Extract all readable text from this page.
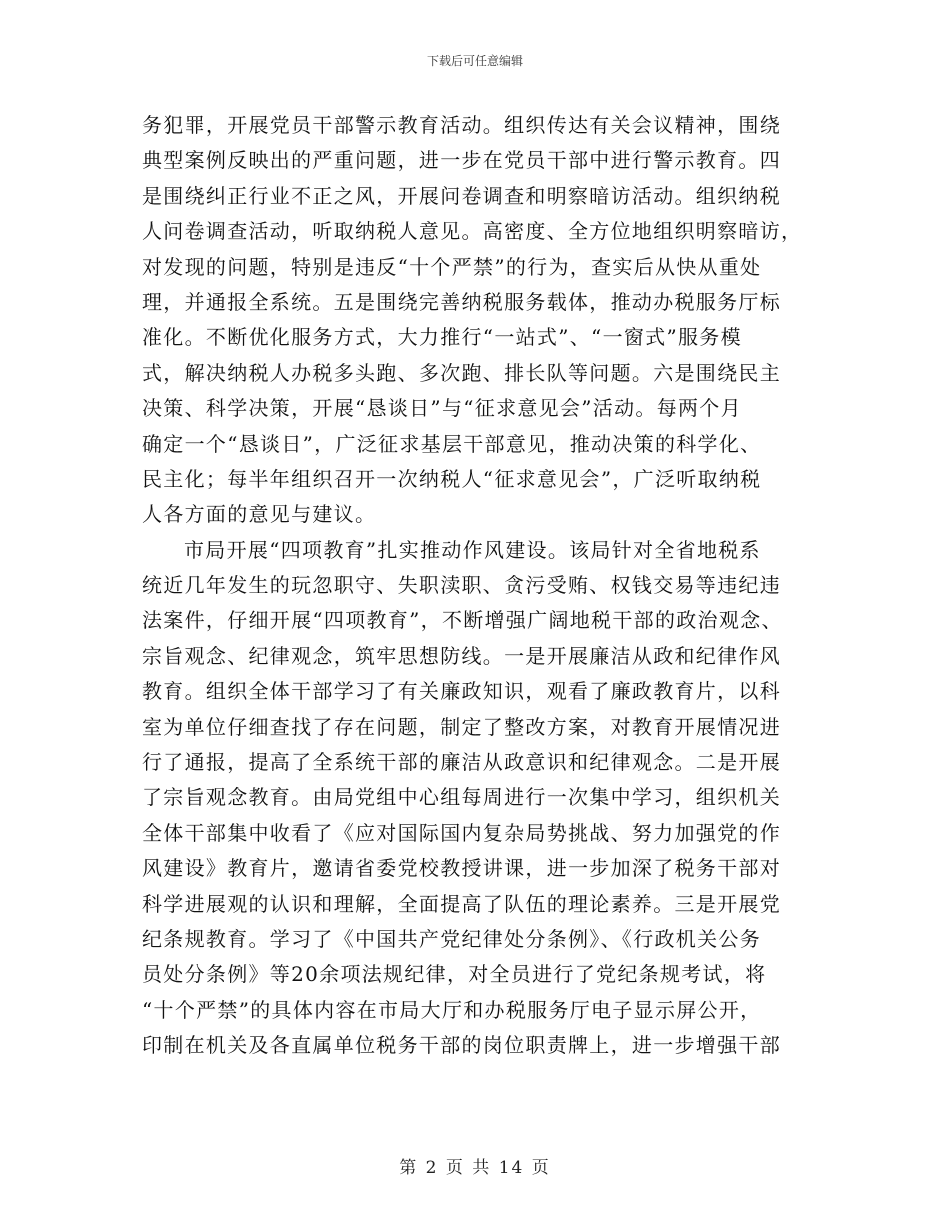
下载后可任意编辑
务犯罪，开展党员干部警示教育活动。组织传达有关会议精神，围绕
典型案例反映出的严重问题，进一步在党员干部中进行警示教育。四
是围绕纠正行业不正之风，开展问卷调查和明察暗访活动。组织纳税
人问卷调查活动，听取纳税人意见。高密度、全方位地组织明察暗访，
对发现的问题，特别是违反“十个严禁”的行为，查实后从快从重处
理，并通报全系统。五是围绕完善纳税服务载体，推动办税服务厅标
准化。不断优化服务方式，大力推行“一站式”、“一窗式”服务模
式，解决纳税人办税多头跑、多次跑、排长队等问题。六是围绕民主
决策、科学决策，开展“恳谈日”与“征求意见会”活动。每两个月
确定一个“恳谈日”，广泛征求基层干部意见，推动决策的科学化、
民主化；每半年组织召开一次纳税人“征求意见会”，广泛听取纳税
人各方面的意见与建议。
市局开展“四项教育”扎实推动作风建设。该局针对全省地税系
统近几年发生的玩忽职守、失职渎职、贪污受贿、权钱交易等违纪违
法案件，仔细开展“四项教育”，不断增强广阔地税干部的政治观念、
宗旨观念、纪律观念，筑牢思想防线。一是开展廉洁从政和纪律作风
教育。组织全体干部学习了有关廉政知识，观看了廉政教育片，以科
室为单位仔细查找了存在问题，制定了整改方案，对教育开展情况进
行了通报，提高了全系统干部的廉洁从政意识和纪律观念。二是开展
了宗旨观念教育。由局党组中心组每周进行一次集中学习，组织机关
全体干部集中收看了《应对国际国内复杂局势挑战、努力加强党的作
风建设》教育片，邀请省委党校教授讲课，进一步加深了税务干部对
科学进展观的认识和理解，全面提高了队伍的理论素养。三是开展党
纪条规教育。学习了《中国共产党纪律处分条例》、《行政机关公务
员处分条例》等20余项法规纪律，对全员进行了党纪条规考试，将
“十个严禁”的具体内容在市局大厅和办税服务厅电子显示屏公开，
印制在机关及各直属单位税务干部的岗位职责牌上，进一步增强干部
第 2 页 共 14 页
